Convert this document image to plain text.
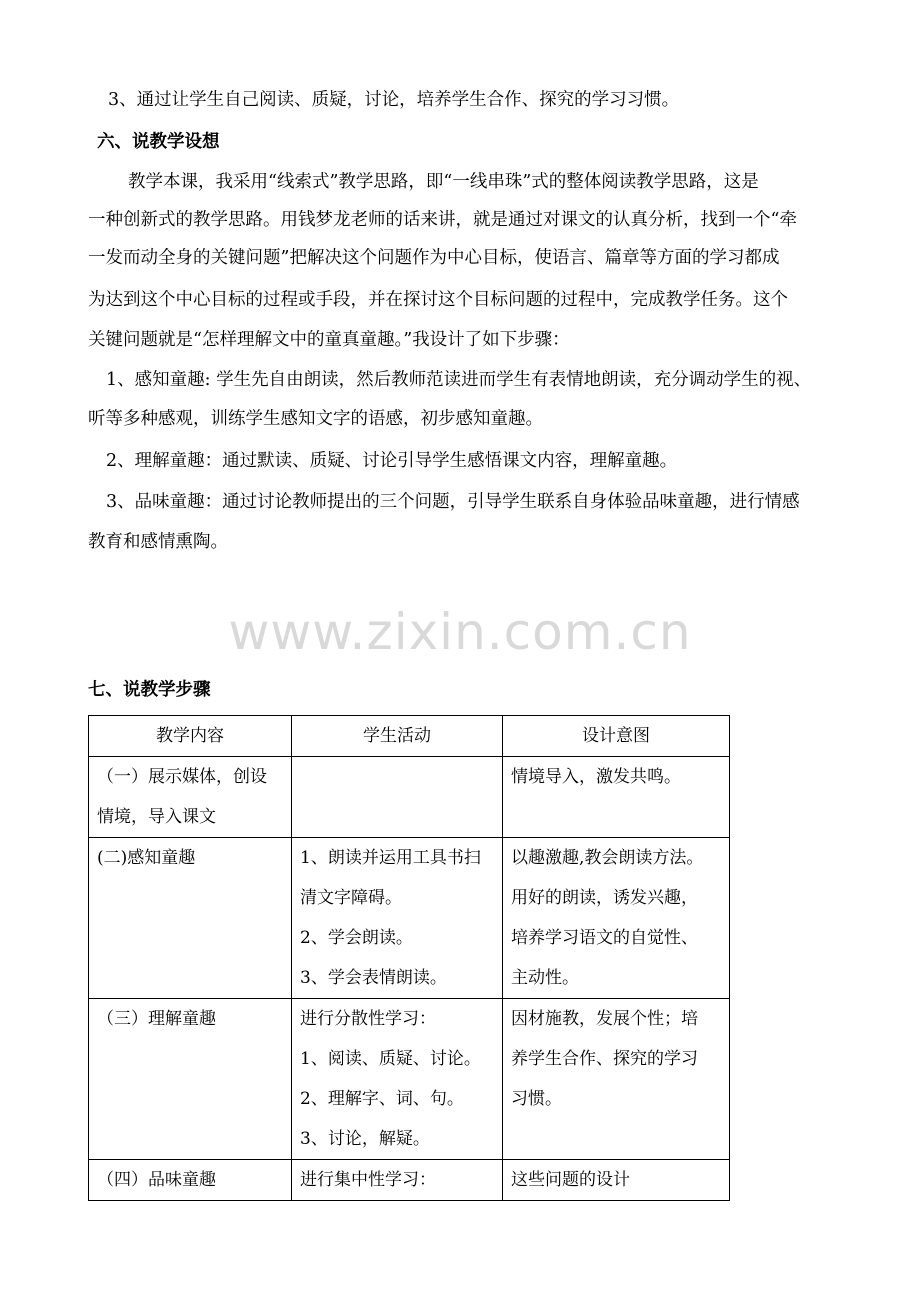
3、通过让学生自己阅读、质疑，讨论，培养学生合作、探究的学习习惯。
六、说教学设想
教学本课，我采用“线索式”教学思路，即“一线串珠”式的整体阅读教学思路，这是
一种创新式的教学思路。用钱梦龙老师的话来讲，就是通过对课文的认真分析，找到一个“牵
一发而动全身的关键问题”把解决这个问题作为中心目标，使语言、篇章等方面的学习都成
为达到这个中心目标的过程或手段，并在探讨这个目标问题的过程中，完成教学任务。这个
关键问题就是“怎样理解文中的童真童趣。”我设计了如下步骤：
1、感知童趣: 学生先自由朗读，然后教师范读进而学生有表情地朗读，充分调动学生的视、
听等多种感观，训练学生感知文字的语感，初步感知童趣。
2、理解童趣：通过默读、质疑、讨论引导学生感悟课文内容，理解童趣。
3、品味童趣：通过讨论教师提出的三个问题，引导学生联系自身体验品味童趣，进行情感
教育和感情熏陶。
www.zixin.com.cn
七、说教学步骤
教学内容	学生活动	设计意图

（一）展示媒体，创设
情境，导入课文		情境导入，激发共鸣。

(二)感知童趣	1、朗读并运用工具书扫
清文字障碍。
2、学会朗读。
3、学会表情朗读。	以趣激趣,教会朗读方法。
用好的朗读，诱发兴趣，
培养学习语文的自觉性、
主动性。

（三）理解童趣	进行分散性学习：
1、阅读、质疑、讨论。
2、理解字、词、句。
3、讨论，解疑。	因材施教，发展个性；培
养学生合作、探究的学习
习惯。

（四）品味童趣	进行集中性学习：	这些问题的设计
